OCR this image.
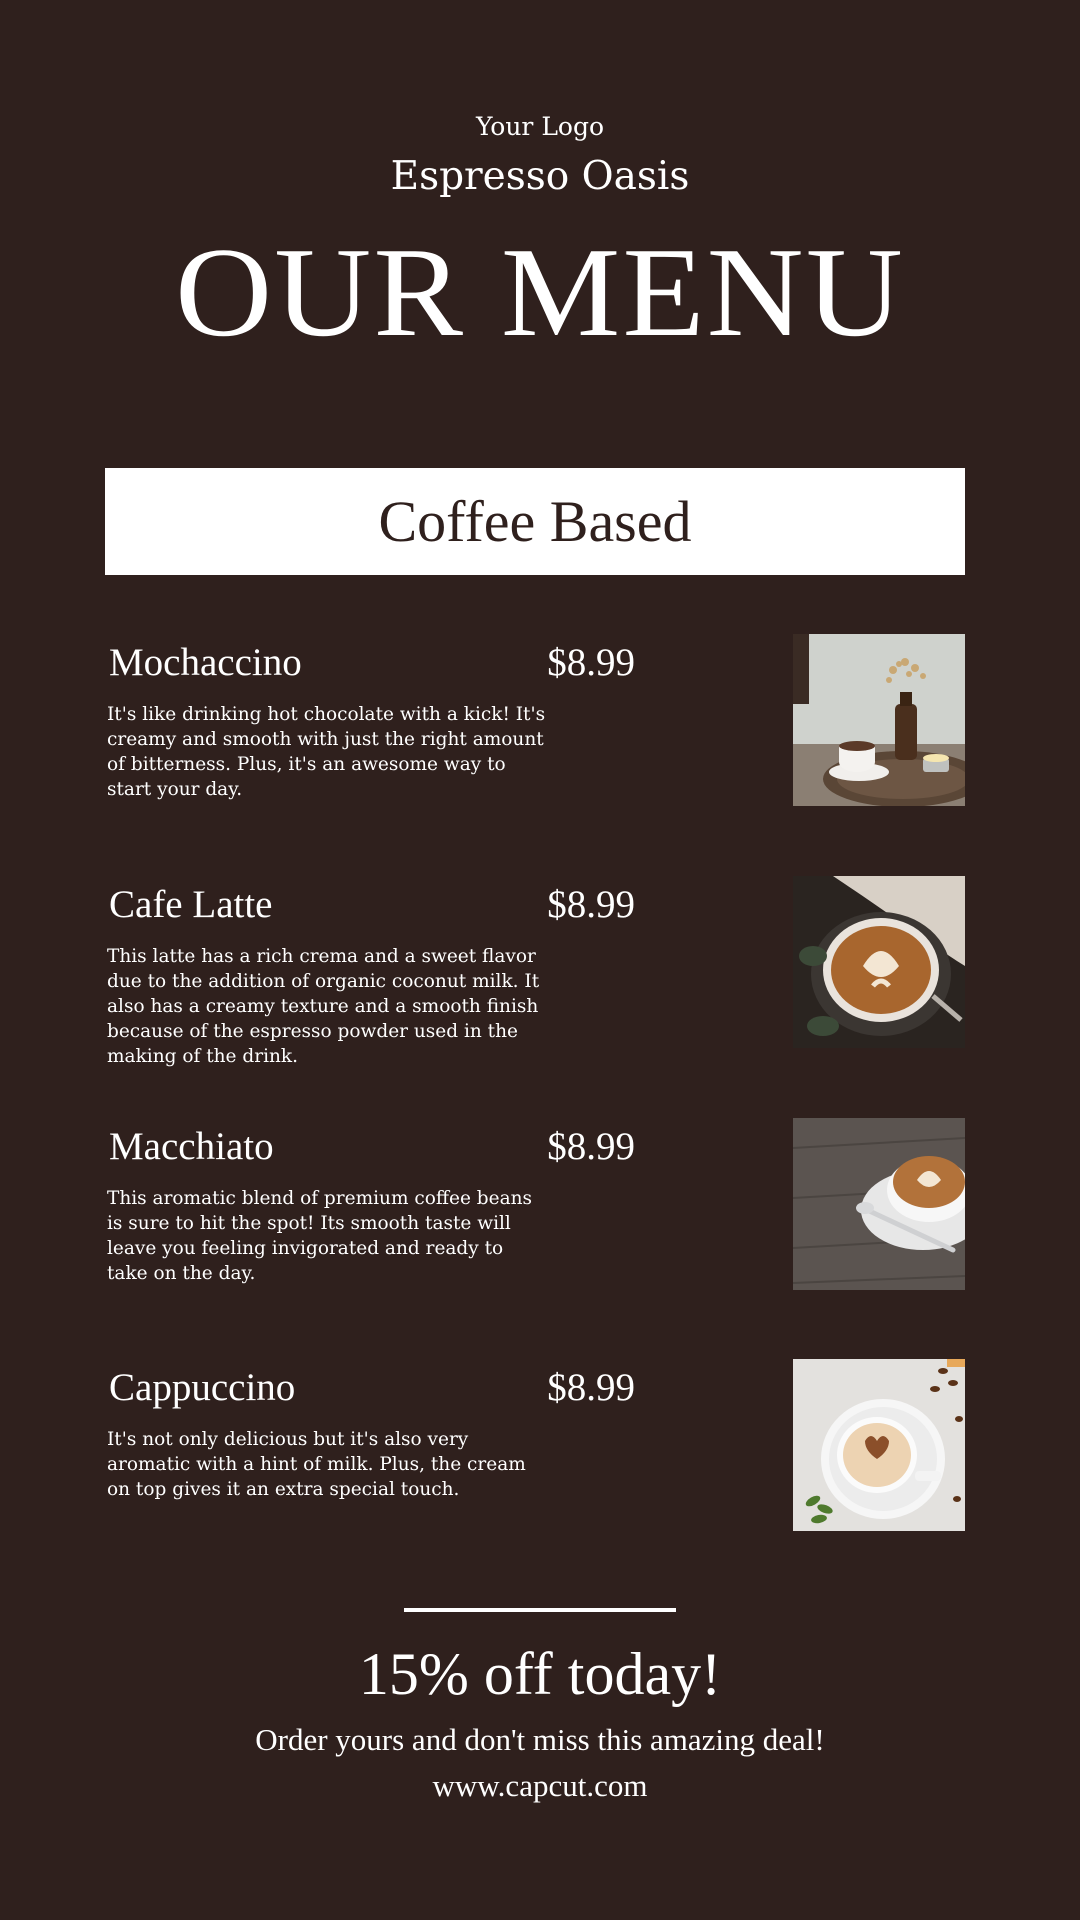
Your Logo
Espresso Oasis
OUR MENU
Coffee Based
Mochaccino	$8.99
It's like drinking hot chocolate with a kick! It's creamy and smooth with just the right amount of bitterness. Plus, it's an awesome way to start your day.
Cafe Latte	$8.99
This latte has a rich crema and a sweet flavor due to the addition of organic coconut milk. It also has a creamy texture and a smooth finish because of the espresso powder used in the making of the drink.
Macchiato	$8.99
This aromatic blend of premium coffee beans is sure to hit the spot! Its smooth taste will leave you feeling invigorated and ready to take on the day.
Cappuccino	$8.99
It's not only delicious but it's also very aromatic with a hint of milk. Plus, the cream on top gives it an extra special touch.
15% off today!
Order yours and don't miss this amazing deal!
www.capcut.com
